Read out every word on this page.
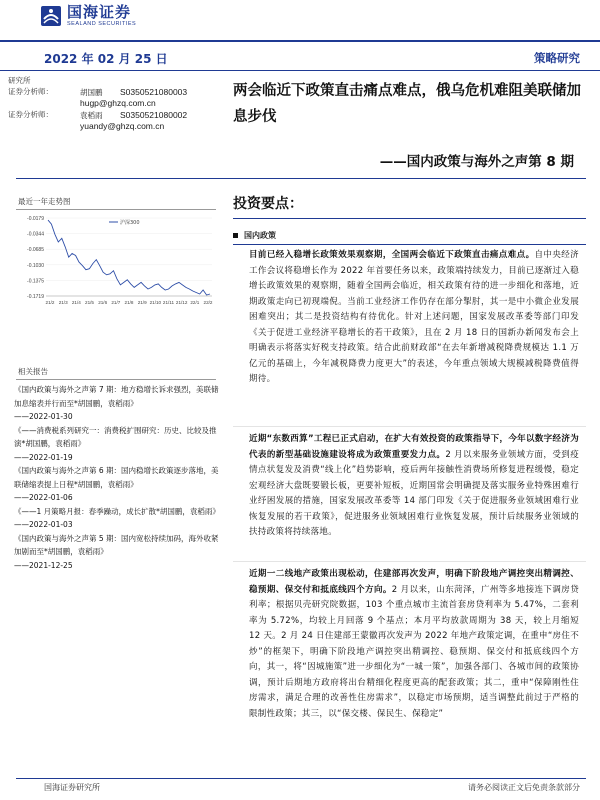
国海证券
SEALAND SECURITIES
2022 年 02 月 25 日	策略研究
研究所
证券分析师：	胡国鹏 S0350521080003
hugp@ghzq.com.cn
证券分析师：	袁稻雨 S0350521080002
yuandy@ghzq.com.cn
两会临近下政策直击痛点难点，俄乌危机难阻美联储加息步伐
——国内政策与海外之声第 8 期
最近一年走势图
-0.0179
-0.0344
-0.0685
-0.1030
-0.1375
-0.1719
21/2 21/3 21/4 21/5 21/6 21/7 21/8 21/9 21/10 21/11 21/12 22/1 22/2
沪深300
相关报告
《国内政策与海外之声第 7 期：地方稳增长诉求强烈，美联储加息缩表并行而至*胡国鹏，袁稻雨》
——2022-01-30
《——消费税系列研究一：消费税扩围研究：历史、比较及推演*胡国鹏，袁稻雨》
——2022-01-19
《国内政策与海外之声第 6 期：国内稳增长政策逐步落地，美联储缩表提上日程*胡国鹏，袁稻雨》
——2022-01-06
《——1 月策略月报：春季躁动，成长扩散*胡国鹏，袁稻雨》
——2022-01-03
《国内政策与海外之声第 5 期：国内宽松持续加码，海外收紧加剧而至*胡国鹏，袁稻雨》
——2021-12-25
投资要点：
国内政策
目前已经入稳增长政策效果观察期，全国两会临近下政策直击痛点难点。自中央经济工作会议将稳增长作为 2022 年首要任务以来，政策端持续发力，目前已逐渐过入稳增长政策效果的观察期，随着全国两会临近，相关政策有待的进一步细化和落地，近期政策走向已初现端倪。当前工业经济工作仍存在部分掣肘，其一是中小微企业发展困难突出；其二是投资结构有待优化。针对上述问题，国家发展改革委等部门印发《关于促进工业经济平稳增长的若干政策》，且在 2 月 18 日的国新办新闻发布会上明确表示将落实好税支持政策。结合此前财政部“在去年新增减税降费规模达 1.1 万亿元的基础上，今年减税降费力度更大”的表述，今年重点领域大规模减税降费值得期待。
近期“东数西算”工程已正式启动，在扩大有效投资的政策指导下，今年以数字经济为代表的新型基础设施建设将成为政策重要发力点。2 月以来服务业领域方面，受到疫情点状复发及消费“线上化”趋势影响，疫后两年接触性消费场所修复进程缓慢，稳定宏观经济大盘既要锻长板，更要补短板，近期国常会明确提及落实服务业特殊困难行业纾困发展的措施，国家发展改革委等 14 部门印发《关于促进服务业领域困难行业恢复发展的若干政策》，促进服务业领域困难行业恢复发展，预计后续服务业领域的扶持政策将持续落地。
近期一二线地产政策出现松动，住建部再次发声，明确下阶段地产调控突出精调控、稳预期、保交付和抵底线四个方向。2 月以来，山东菏泽，广州等多地接连下调房贷利率；根据贝壳研究院数据，103 个重点城市主流首套房贷利率为 5.47%，二套利率为 5.72%，均较上月回落 9 个基点；本月平均放款周期为 38 天，较上月缩短 12 天。2 月 24 日住建部王蒙徽再次发声为 2022 年地产政策定调，在重申“房住不炒”的框架下，明确下阶段地产调控突出精调控、稳预期、保交付和抵底线四个方向，其一，将“因城施策”进一步细化为“一城一策”，加强各部门、各城市间的政策协调，预计后期地方政府将出台精细化程度更高的配套政策；其二，重申“保障刚性住房需求，满足合理的改善性住房需求”，以稳定市场预期，适当调整此前过于严格的限制性政策；其三，以“保交楼、保民生、保稳定”
国海证券研究所	请务必阅读正文后免责条款部分
